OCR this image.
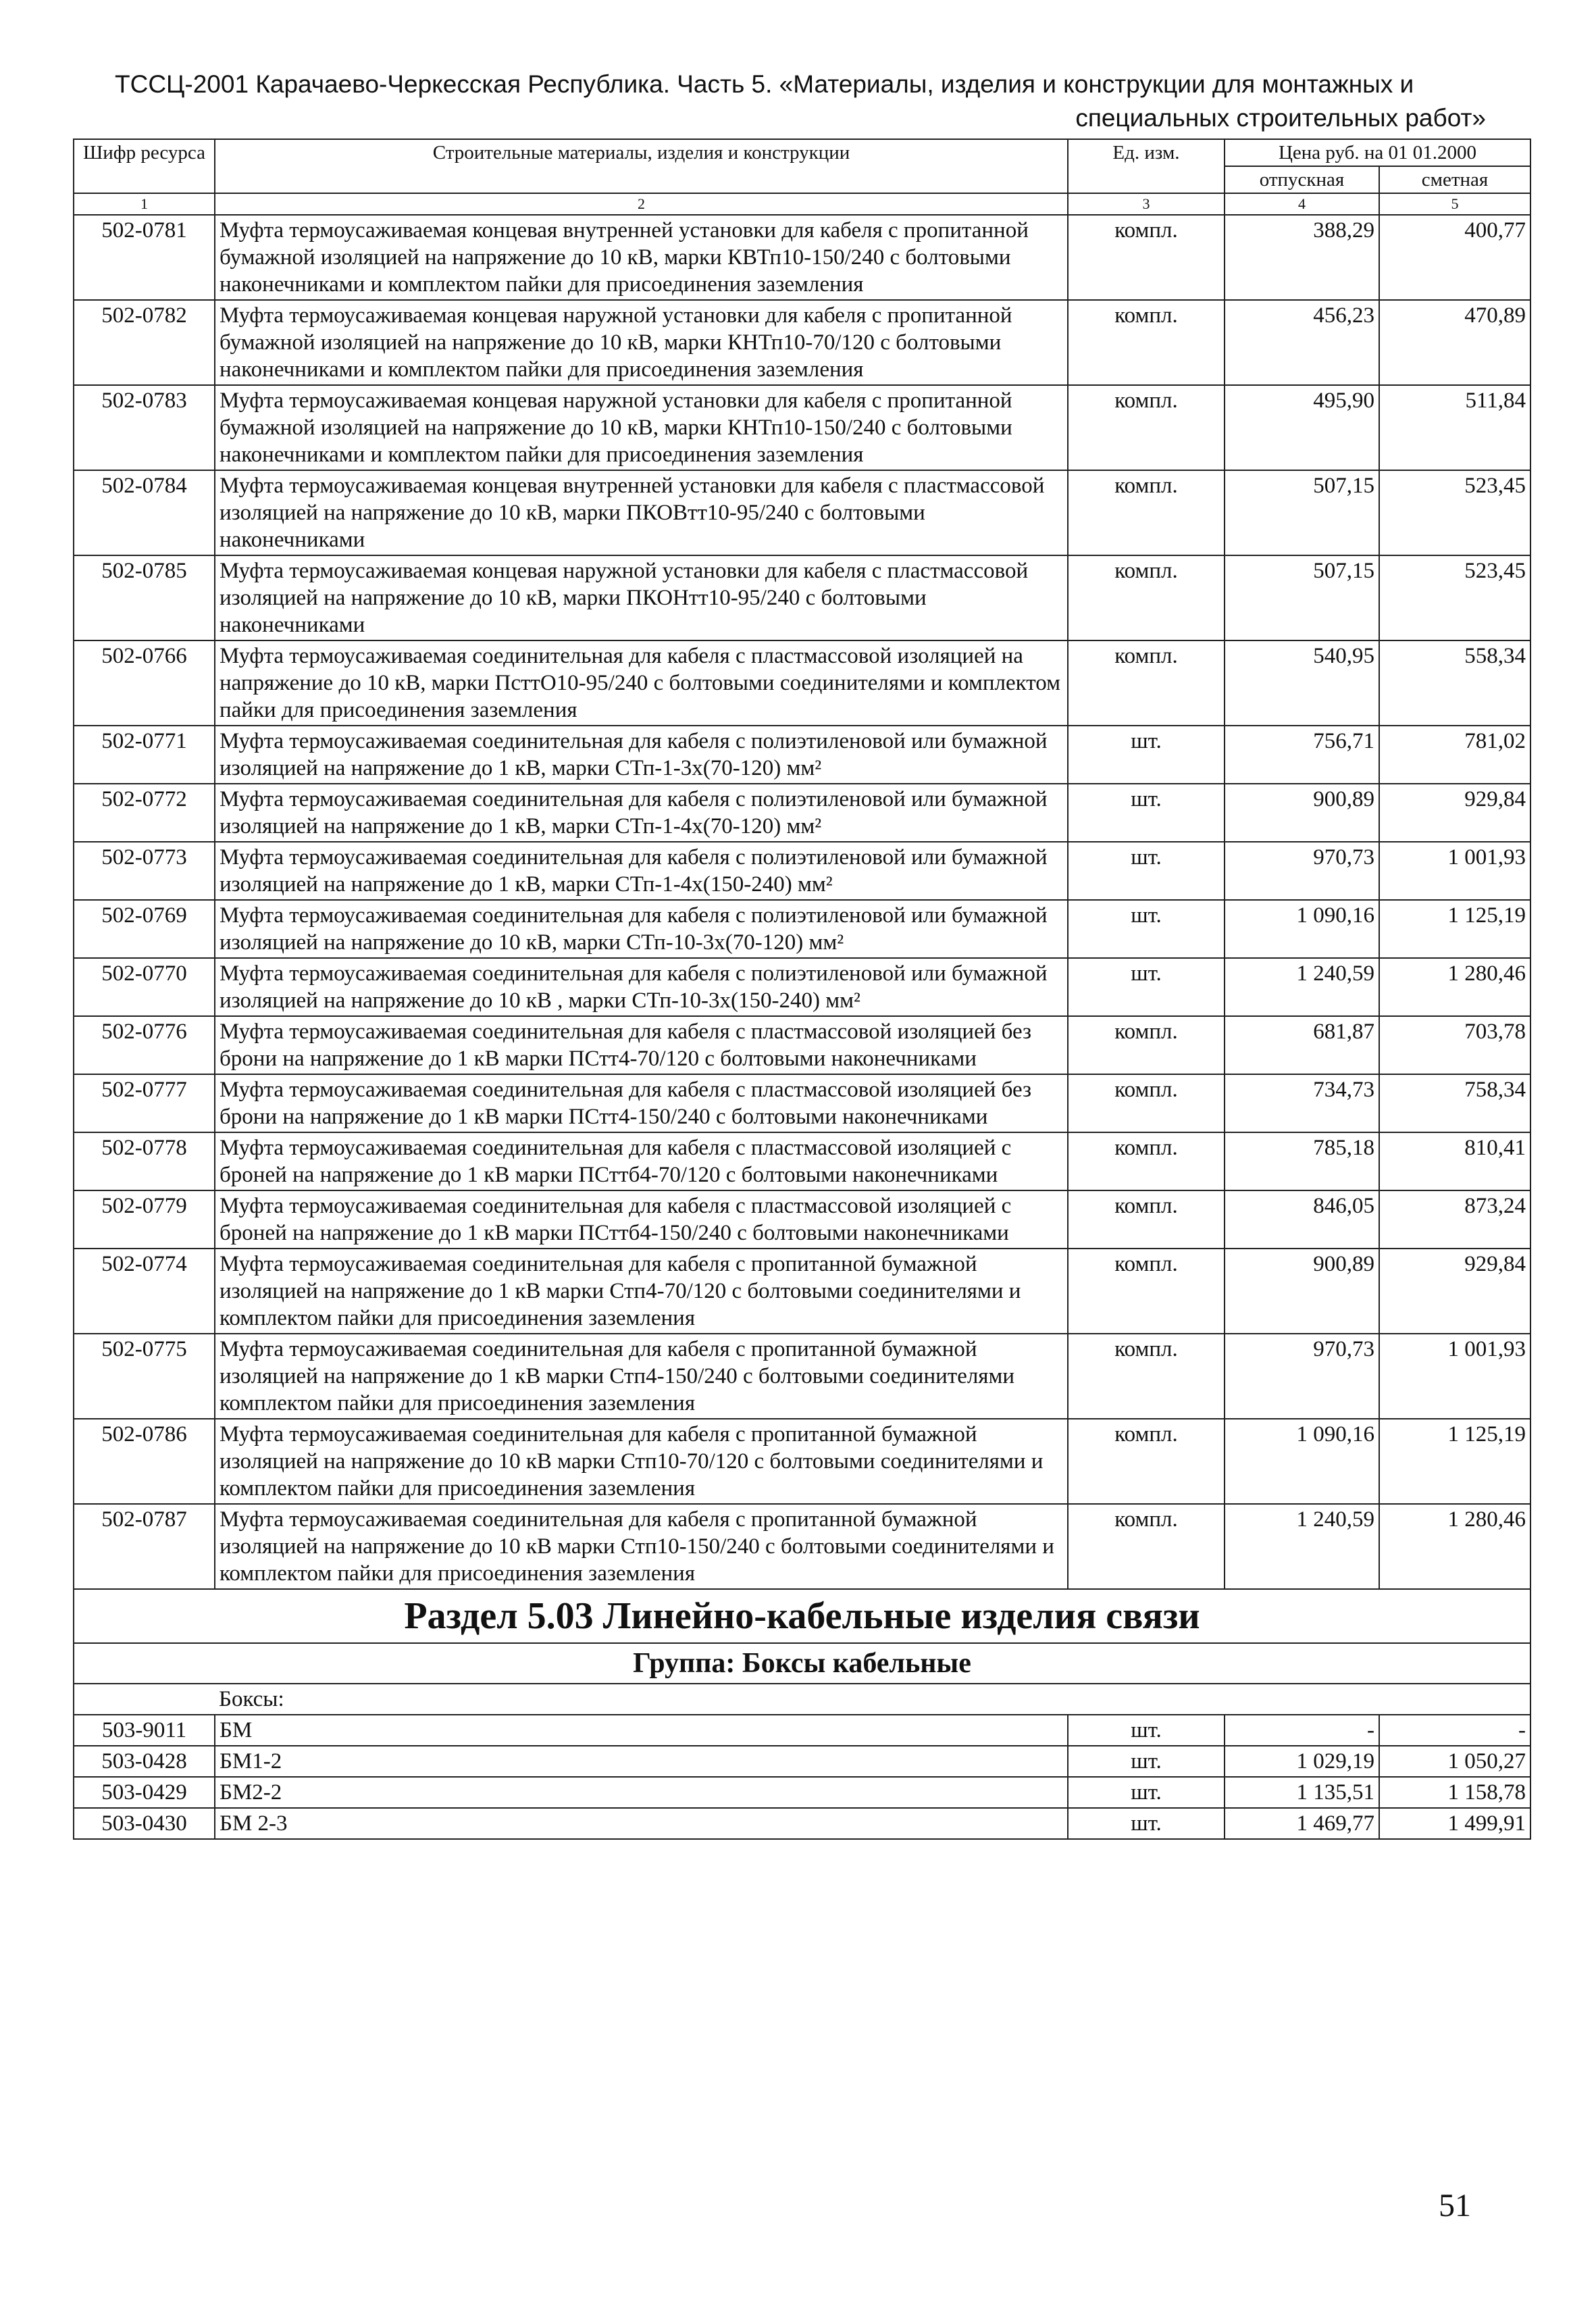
ТССЦ-2001 Карачаево-Черкесская Республика. Часть 5. «Материалы, изделия и конструкции для монтажных и
специальных строительных работ»
Шифр ресурса	Строительные материалы, изделия и конструкции	Ед. изм.	Цена руб. на 01 01.2000	
			отпускная	сметная
1	2	3	4	5
502-0781	Муфта термоусаживаемая концевая внутренней установки для кабеля с пропитанной бумажной изоляцией на напряжение до 10 кВ, марки КВТп10-150/240 с болтовыми наконечниками и комплектом пайки для присоединения заземления	компл.	388,29	400,77
502-0782	Муфта термоусаживаемая концевая наружной установки для кабеля с пропитанной бумажной изоляцией на напряжение до 10 кВ, марки КНТп10-70/120 с болтовыми наконечниками и комплектом пайки для присоединения заземления	компл.	456,23	470,89
502-0783	Муфта термоусаживаемая концевая наружной установки для кабеля с пропитанной бумажной изоляцией на напряжение до 10 кВ, марки КНТп10-150/240 с болтовыми наконечниками и комплектом пайки для присоединения заземления	компл.	495,90	511,84
502-0784	Муфта термоусаживаемая концевая внутренней установки для кабеля с пластмассовой изоляцией на напряжение до 10 кВ, марки ПКОВтт10-95/240 с болтовыми наконечниками	компл.	507,15	523,45
502-0785	Муфта термоусаживаемая концевая наружной установки для кабеля с пластмассовой изоляцией на напряжение до 10 кВ, марки ПКОНтт10-95/240 с болтовыми наконечниками	компл.	507,15	523,45
502-0766	Муфта термоусаживаемая соединительная для кабеля с пластмассовой изоляцией на напряжение до 10 кВ, марки ПсттО10-95/240 с болтовыми соединителями и комплектом пайки для присоединения заземления	компл.	540,95	558,34
502-0771	Муфта термоусаживаемая соединительная для кабеля с полиэтиленовой или бумажной изоляцией на напряжение до 1 кВ, марки СТп-1-3х(70-120) мм²	шт.	756,71	781,02
502-0772	Муфта термоусаживаемая соединительная для кабеля с полиэтиленовой или бумажной изоляцией на напряжение до 1 кВ, марки СТп-1-4х(70-120) мм²	шт.	900,89	929,84
502-0773	Муфта термоусаживаемая соединительная для кабеля с полиэтиленовой или бумажной изоляцией на напряжение до 1 кВ, марки СТп-1-4х(150-240) мм²	шт.	970,73	1 001,93
502-0769	Муфта термоусаживаемая соединительная для кабеля с полиэтиленовой или бумажной изоляцией на напряжение до 10 кВ, марки СТп-10-3х(70-120) мм²	шт.	1 090,16	1 125,19
502-0770	Муфта термоусаживаемая соединительная для кабеля с полиэтиленовой или бумажной изоляцией на напряжение до 10 кВ , марки СТп-10-3х(150-240) мм²	шт.	1 240,59	1 280,46
502-0776	Муфта термоусаживаемая соединительная для кабеля с пластмассовой изоляцией без брони на напряжение до 1 кВ марки ПСтт4-70/120 с болтовыми наконечниками	компл.	681,87	703,78
502-0777	Муфта термоусаживаемая соединительная для кабеля с пластмассовой изоляцией без брони на напряжение до 1 кВ марки ПСтт4-150/240 с болтовыми наконечниками	компл.	734,73	758,34
502-0778	Муфта термоусаживаемая соединительная для кабеля с пластмассовой изоляцией с броней на напряжение до 1 кВ марки ПСттб4-70/120 с болтовыми наконечниками	компл.	785,18	810,41
502-0779	Муфта термоусаживаемая соединительная для кабеля с пластмассовой изоляцией с броней на напряжение до 1 кВ марки ПСттб4-150/240 с болтовыми наконечниками	компл.	846,05	873,24
502-0774	Муфта термоусаживаемая соединительная для кабеля с пропитанной бумажной изоляцией на напряжение до 1 кВ марки Стп4-70/120 с болтовыми соединителями и комплектом пайки для присоединения заземления	компл.	900,89	929,84
502-0775	Муфта термоусаживаемая соединительная для кабеля с пропитанной бумажной изоляцией на напряжение до 1 кВ марки Стп4-150/240 с болтовыми соединителями комплектом пайки для присоединения заземления	компл.	970,73	1 001,93
502-0786	Муфта термоусаживаемая соединительная для кабеля с пропитанной бумажной изоляцией на напряжение до 10 кВ марки Стп10-70/120 с болтовыми соединителями и комплектом пайки для присоединения заземления	компл.	1 090,16	1 125,19
502-0787	Муфта термоусаживаемая соединительная для кабеля с пропитанной бумажной изоляцией на напряжение до 10 кВ марки Стп10-150/240 с болтовыми соединителями и комплектом пайки для присоединения заземления	компл.	1 240,59	1 280,46
Раздел 5.03 Линейно-кабельные изделия связи				
Группа: Боксы кабельные				
	Боксы:			
503-9011	БМ	шт.	-	-
503-0428	БМ1-2	шт.	1 029,19	1 050,27
503-0429	БМ2-2	шт.	1 135,51	1 158,78
503-0430	БМ 2-3	шт.	1 469,77	1 499,91
51
